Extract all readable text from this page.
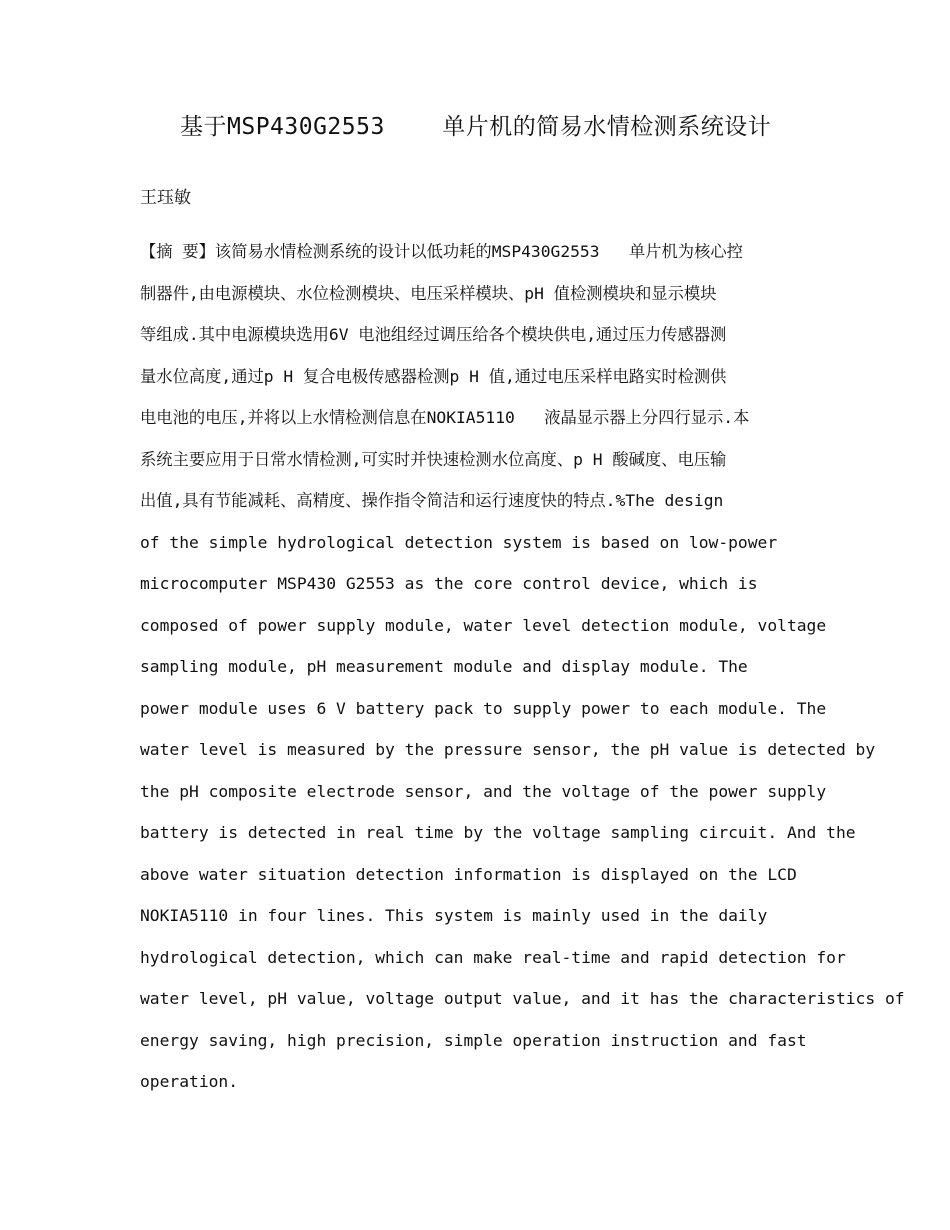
基于MSP430G2553    单片机的简易水情检测系统设计
王珏敏
【摘 要】该简易水情检测系统的设计以低功耗的MSP430G2553   单片机为核心控
制器件,由电源模块、水位检测模块、电压采样模块、pH 值检测模块和显示模块
等组成.其中电源模块选用6V 电池组经过调压给各个模块供电,通过压力传感器测
量水位高度,通过p H 复合电极传感器检测p H 值,通过电压采样电路实时检测供
电电池的电压,并将以上水情检测信息在NOKIA5110   液晶显示器上分四行显示.本
系统主要应用于日常水情检测,可实时并快速检测水位高度、p H 酸碱度、电压输
出值,具有节能减耗、高精度、操作指令简洁和运行速度快的特点.%The design
of the simple hydrological detection system is based on low-power
microcomputer MSP430 G2553 as the core control device, which is
composed of power supply module, water level detection module, voltage
sampling module, pH measurement module and display module. The
power module uses 6 V battery pack to supply power to each module. The
water level is measured by the pressure sensor, the pH value is detected by
the pH composite electrode sensor, and the voltage of the power supply
battery is detected in real time by the voltage sampling circuit. And the
above water situation detection information is displayed on the LCD
NOKIA5110 in four lines. This system is mainly used in the daily
hydrological detection, which can make real-time and rapid detection for
water level, pH value, voltage output value, and it has the characteristics of
energy saving, high precision, simple operation instruction and fast
operation.
